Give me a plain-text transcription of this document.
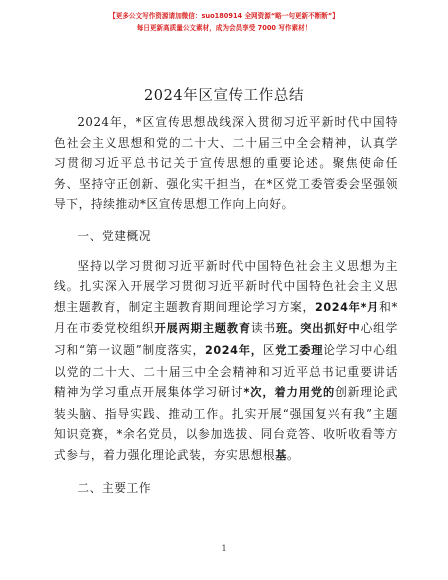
【更多公文写作资源请加微信：suo180914 全网资源“略一句更新不断断”】
每日更新高质量公文素材，成为会员享受 7000 写作素材！
2024年区宣传工作总结

2024年，*区宣传思想战线深入贯彻习近平新时代中国特色社会主义思想和党的二十大、二十届三中全会精神，认真学习贯彻习近平总书记关于宣传思想的重要论述。聚焦使命任务、坚持守正创新、强化实干担当，在*区党工委管委会坚强领导下，持续推动*区宣传思想工作向上向好。

一、党建概况

坚持以学习贯彻习近平新时代中国特色社会主义思想为主线。扎实深入开展学习贯彻习近平新时代中国特色社会主义思想主题教育，制定主题教育期间理论学习方案，2024年*月和*月在市委党校组织开展两期主题教育读书班。突出抓好中心组学习和“第一议题”制度落实，2024年，区党工委理论学习中心组以党的二十大、二十届三中全会精神和习近平总书记重要讲话精神为学习重点开展集体学习研讨*次，着力用党的创新理论武装头脑、指导实践、推动工作。扎实开展“强国复兴有我”主题知识竞赛，*余名党员，以参加选拔、同台竞答、收听收看等方式参与，着力强化理论武装，夯实思想根基。

二、主要工作

1
